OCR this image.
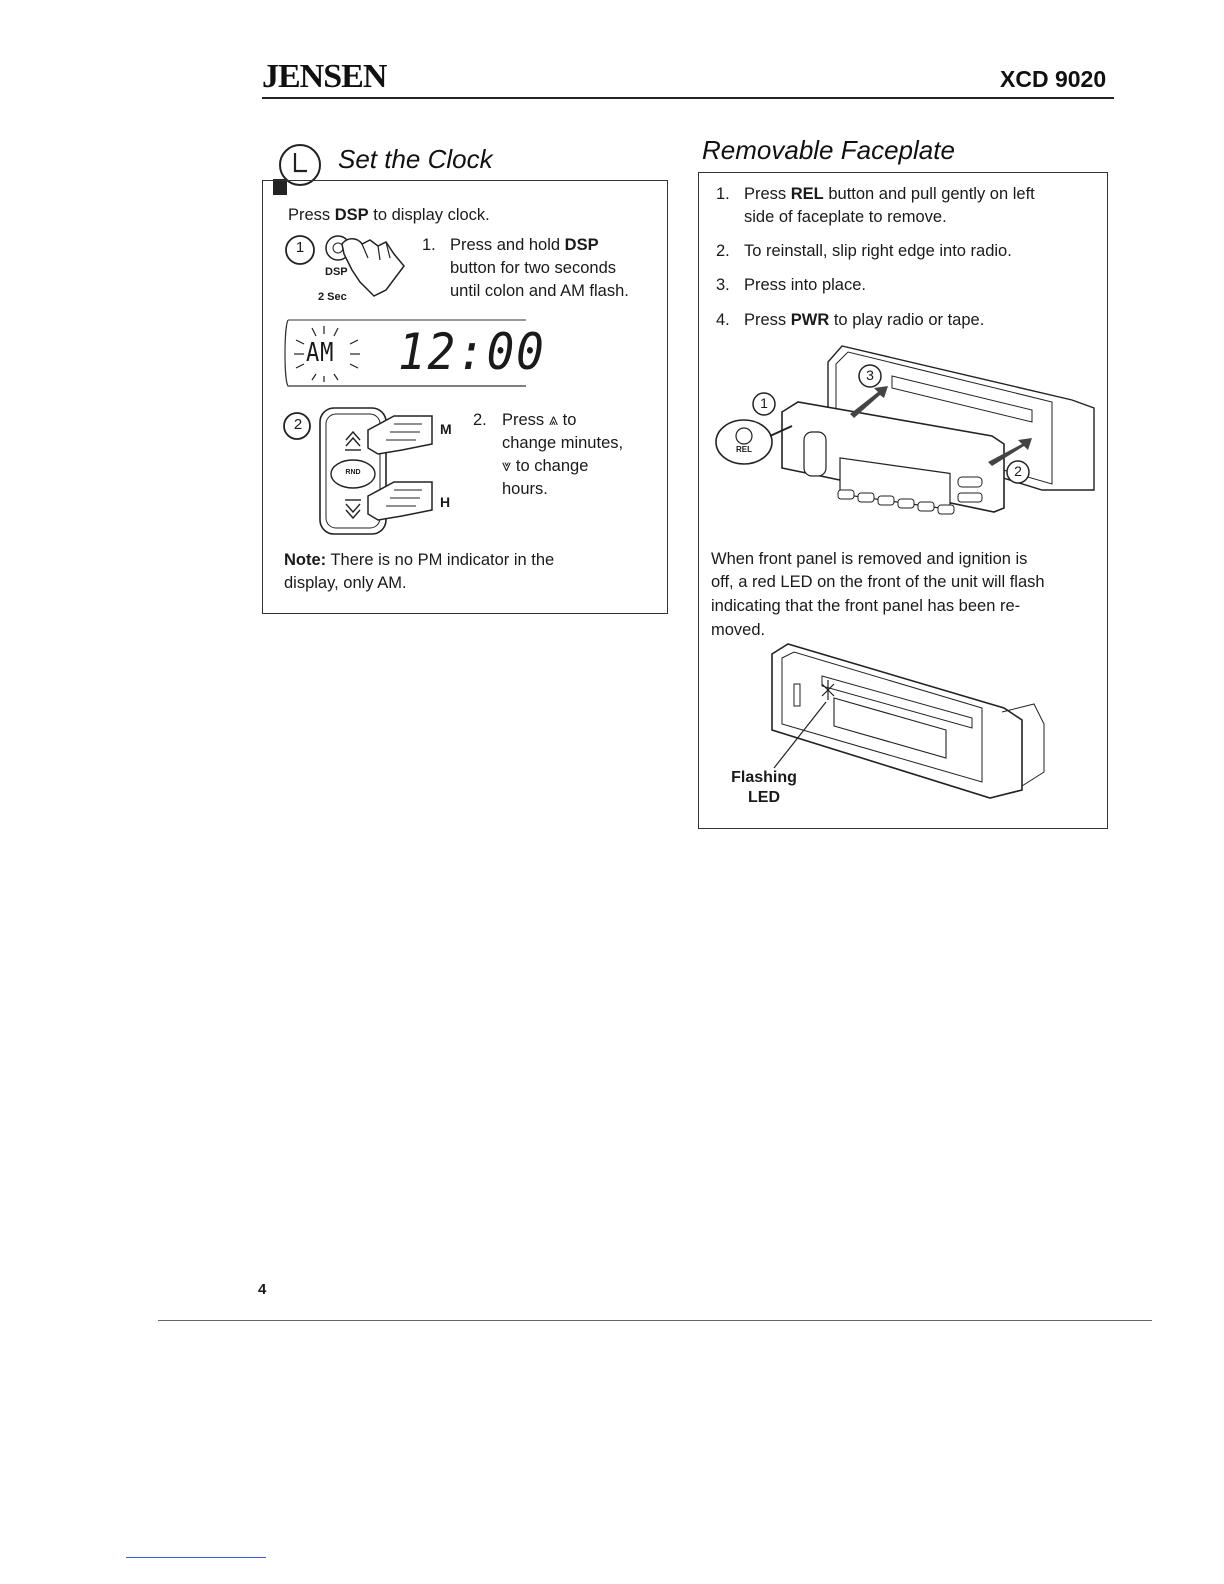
JENSEN	XCD 9020
Set the Clock
Press DSP to display clock.
1
DSP
2 Sec
1. Press and hold DSP
button for two seconds
until colon and AM flash.
AM 12:00
2
RND
M
H
2. Press ⩓ to
change minutes,
⩔ to change
hours.
Note: There is no PM indicator in the
display, only AM.
Removable Faceplate
1. Press REL button and pull gently on left
side of faceplate to remove.
2. To reinstall, slip right edge into radio.
3. Press into place.
4. Press PWR to play radio or tape.
1
3
2
REL
When front panel is removed and ignition is
off, a red LED on the front of the unit will flash
indicating that the front panel has been re-
moved.
Flashing
LED
4
